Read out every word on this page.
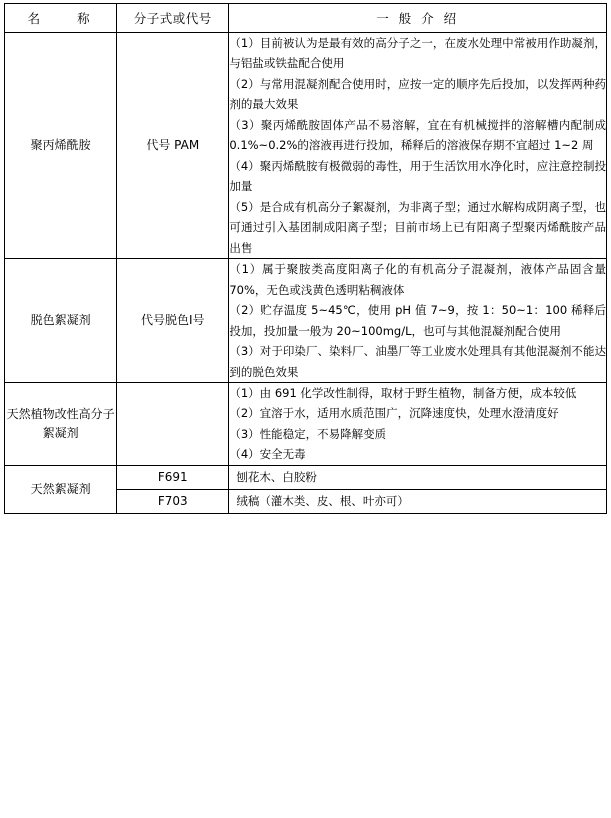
名　　称	分子式或代号	一 般 介 绍
聚丙烯酰胺	代号 PAM	（1）目前被认为是最有效的高分子之一，在废水处理中常被用作助凝剂，与铝盐或铁盐配合使用

（2）与常用混凝剂配合使用时，应按一定的顺序先后投加，以发挥两种药剂的最大效果

（3）聚丙烯酰胺固体产品不易溶解，宜在有机械搅拌的溶解槽内配制成 0.1%~0.2%的溶液再进行投加，稀释后的溶液保存期不宜超过 1~2 周

（4）聚丙烯酰胺有极微弱的毒性，用于生活饮用水净化时，应注意控制投加量

（5）是合成有机高分子絮凝剂，为非离子型；通过水解构成阴离子型，也可通过引入基团制成阳离子型；目前市场上已有阳离子型聚丙烯酰胺产品出售

脱色絮凝剂	代号脱色Ⅰ号	（1）属于聚胺类高度阳离子化的有机高分子混凝剂，液体产品固含量 70%，无色或浅黄色透明粘稠液体

（2）贮存温度 5~45℃，使用 pH 值 7~9，按 1：50~1：100 稀释后投加，投加量一般为 20~100mg/L，也可与其他混凝剂配合使用

（3）对于印染厂、染料厂、油墨厂等工业废水处理具有其他混凝剂不能达到的脱色效果

天然植物改性高分子絮凝剂		（1）由 691 化学改性制得，取材于野生植物，制备方便，成本较低

（2）宜溶于水，适用水质范围广，沉降速度快，处理水澄清度好

（3）性能稳定，不易降解变质

（4）安全无毒

天然絮凝剂	F691	刨花木、白胶粉

	F703	绒稿（灌木类、皮、根、叶亦可）
